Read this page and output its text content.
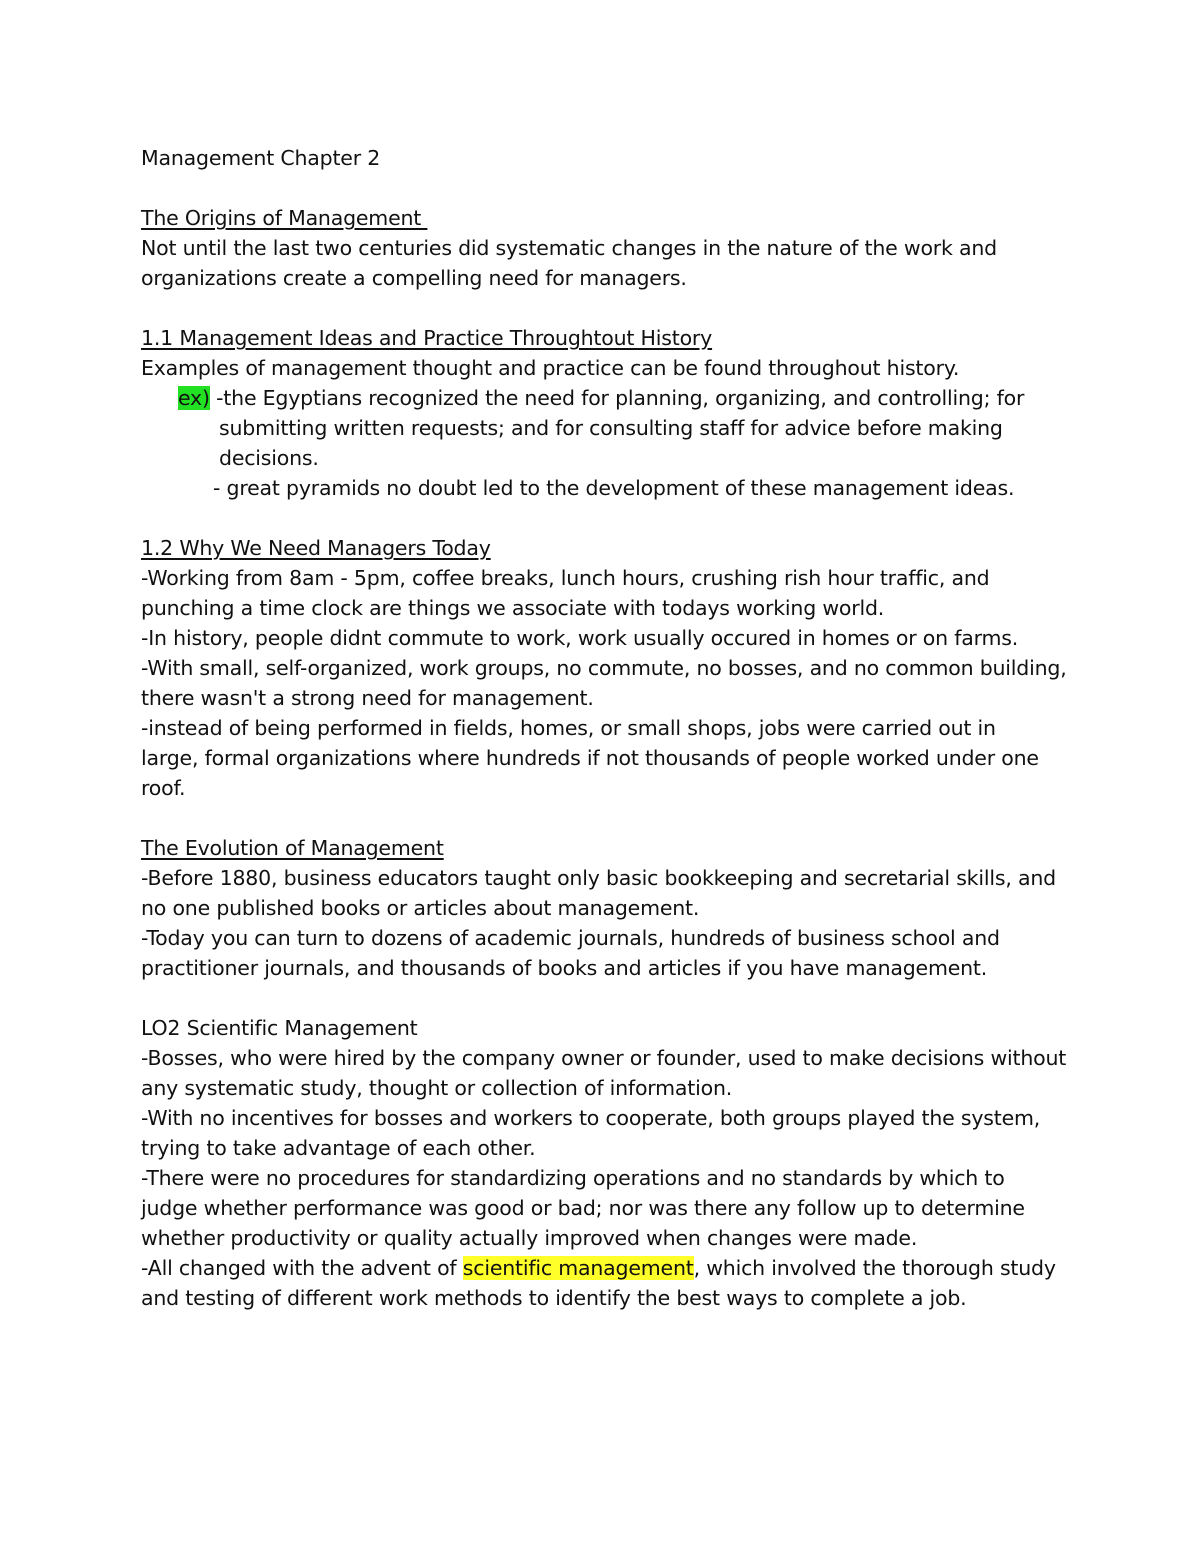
Management Chapter 2
The Origins of Management
Not until the last two centuries did systematic changes in the nature of the work and
organizations create a compelling need for managers.
1.1 Management Ideas and Practice Throughtout History
Examples of management thought and practice can be found throughout history.
ex) -the Egyptians recognized the need for planning, organizing, and controlling; for
submitting written requests; and for consulting staff for advice before making
decisions.
- great pyramids no doubt led to the development of these management ideas.
1.2 Why We Need Managers Today
-Working from 8am - 5pm, coffee breaks, lunch hours, crushing rish hour traffic, and
punching a time clock are things we associate with todays working world.
-In history, people didnt commute to work, work usually occured in homes or on farms.
-With small, self-organized, work groups, no commute, no bosses, and no common building,
there wasn't a strong need for management.
-instead of being performed in fields, homes, or small shops, jobs were carried out in
large, formal organizations where hundreds if not thousands of people worked under one
roof.
The Evolution of Management
-Before 1880, business educators taught only basic bookkeeping and secretarial skills, and
no one published books or articles about management.
-Today you can turn to dozens of academic journals, hundreds of business school and
practitioner journals, and thousands of books and articles if you have management.
LO2 Scientific Management
-Bosses, who were hired by the company owner or founder, used to make decisions without
any systematic study, thought or collection of information.
-With no incentives for bosses and workers to cooperate, both groups played the system,
trying to take advantage of each other.
-There were no procedures for standardizing operations and no standards by which to
judge whether performance was good or bad; nor was there any follow up to determine
whether productivity or quality actually improved when changes were made.
-All changed with the advent of scientific management, which involved the thorough study
and testing of different work methods to identify the best ways to complete a job.
